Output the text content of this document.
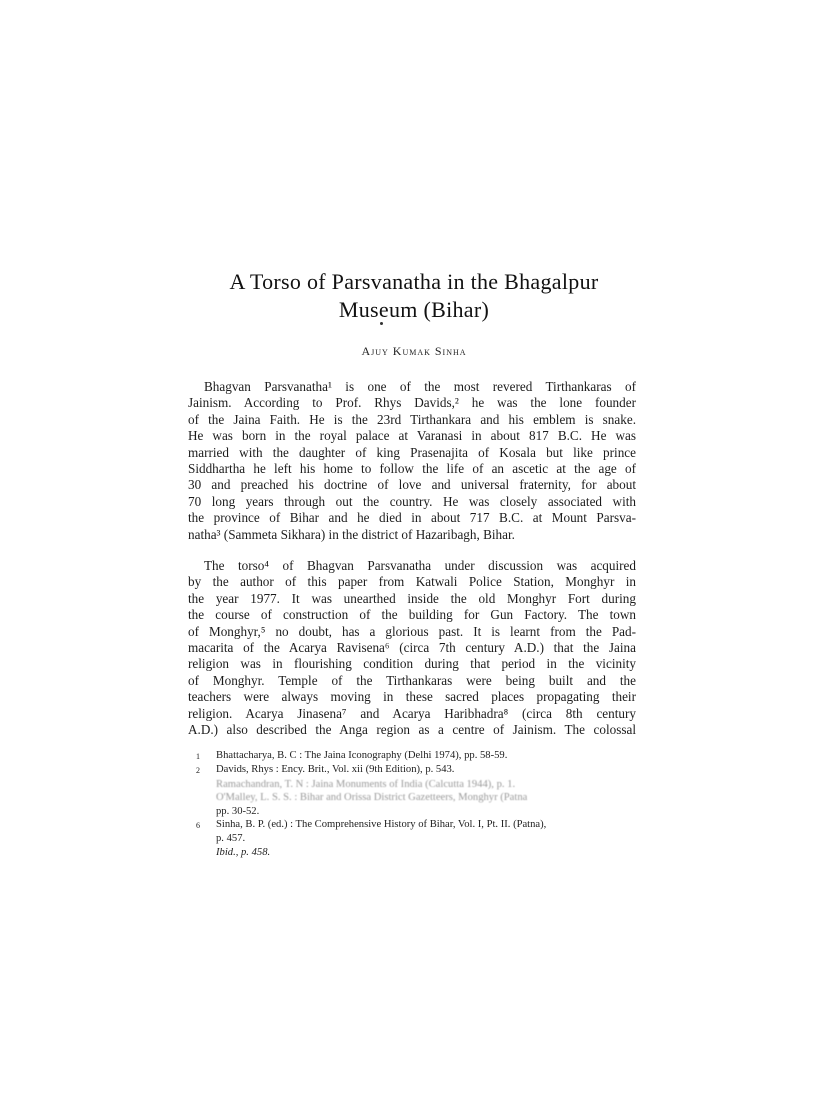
A Torso of Parsvanatha in the Bhagalpur
Museum (Bihar)
Ajuy Kumak Sinha
Bhagvan Parsvanatha¹ is one of the most revered Tirthankaras of
Jainism. According to Prof. Rhys Davids,² he was the lone founder
of the Jaina Faith. He is the 23rd Tirthankara and his emblem is snake.
He was born in the royal palace at Varanasi in about 817 B.C. He was
married with the daughter of king Prasenajita of Kosala but like prince
Siddhartha he left his home to follow the life of an ascetic at the age of
30 and preached his doctrine of love and universal fraternity, for about
70 long years through out the country. He was closely associated with
the province of Bihar and he died in about 717 B.C. at Mount Parsva-
natha³ (Sammeta Sikhara) in the district of Hazaribagh, Bihar.
The torso⁴ of Bhagvan Parsvanatha under discussion was acquired
by the author of this paper from Katwali Police Station, Monghyr in
the year 1977. It was unearthed inside the old Monghyr Fort during
the course of construction of the building for Gun Factory. The town
of Monghyr,⁵ no doubt, has a glorious past. It is learnt from the Pad-
macarita of the Acarya Ravisena⁶ (circa 7th century A.D.) that the Jaina
religion was in flourishing condition during that period in the vicinity
of Monghyr. Temple of the Tirthankaras were being built and the
teachers were always moving in these sacred places propagating their
religion. Acarya Jinasena⁷ and Acarya Haribhadra⁸ (circa 8th century
A.D.) also described the Anga region as a centre of Jainism. The colossal
1	Bhattacharya, B. C : The Jaina Iconography (Delhi 1974), pp. 58-59.
2	Davids, Rhys : Ency. Brit., Vol. xii (9th Edition), p. 543.
Ramachandran, T. N : Jaina Monuments of India (Calcutta 1944), p. 1.
O'Malley, L. S. S. : Bihar and Orissa District Gazetteers, Monghyr (Patna
pp. 30-52.
6	Sinha, B. P. (ed.) : The Comprehensive History of Bihar, Vol. I, Pt. II. (Patna),
p. 457.
Ibid., p. 458.
